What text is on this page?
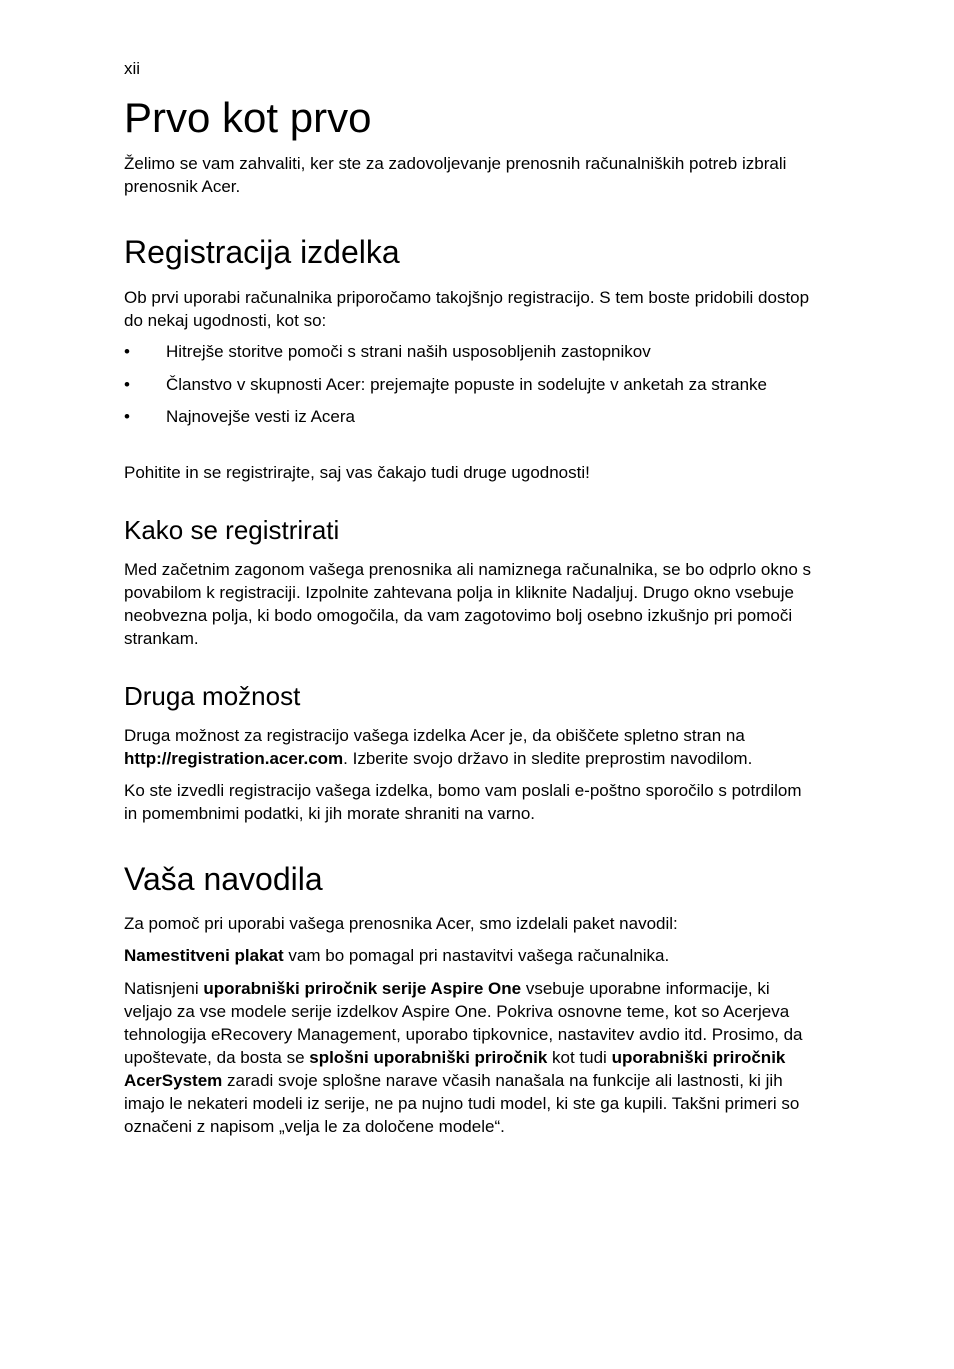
xii
Prvo kot prvo

Želimo se vam zahvaliti, ker ste za zadovoljevanje prenosnih računalniških potreb izbrali prenosnik Acer.

Registracija izdelka

Ob prvi uporabi računalnika priporočamo takojšnjo registracijo. S tem boste pridobili dostop do nekaj ugodnosti, kot so:

• Hitrejše storitve pomoči s strani naših usposobljenih zastopnikov
• Članstvo v skupnosti Acer: prejemajte popuste in sodelujte v anketah za stranke
• Najnovejše vesti iz Acera

Pohitite in se registrirajte, saj vas čakajo tudi druge ugodnosti!

Kako se registrirati

Med začetnim zagonom vašega prenosnika ali namiznega računalnika, se bo odprlo okno s povabilom k registraciji. Izpolnite zahtevana polja in kliknite Nadaljuj. Drugo okno vsebuje neobvezna polja, ki bodo omogočila, da vam zagotovimo bolj osebno izkušnjo pri pomoči strankam.

Druga možnost

Druga možnost za registracijo vašega izdelka Acer je, da obiščete spletno stran na http://registration.acer.com. Izberite svojo državo in sledite preprostim navodilom.

Ko ste izvedli registracijo vašega izdelka, bomo vam poslali e-poštno sporočilo s potrdilom in pomembnimi podatki, ki jih morate shraniti na varno.

Vaša navodila

Za pomoč pri uporabi vašega prenosnika Acer, smo izdelali paket navodil:

Namestitveni plakat vam bo pomagal pri nastavitvi vašega računalnika.

Natisnjeni uporabniški priročnik serije Aspire One vsebuje uporabne informacije, ki veljajo za vse modele serije izdelkov Aspire One. Pokriva osnovne teme, kot so Acerjeva tehnologija eRecovery Management, uporabo tipkovnice, nastavitev avdio itd. Prosimo, da upoštevate, da bosta se splošni uporabniški priročnik kot tudi uporabniški priročnik AcerSystem zaradi svoje splošne narave včasih nanašala na funkcije ali lastnosti, ki jih imajo le nekateri modeli iz serije, ne pa nujno tudi model, ki ste ga kupili. Takšni primeri so označeni z napisom „velja le za določene modele“.
